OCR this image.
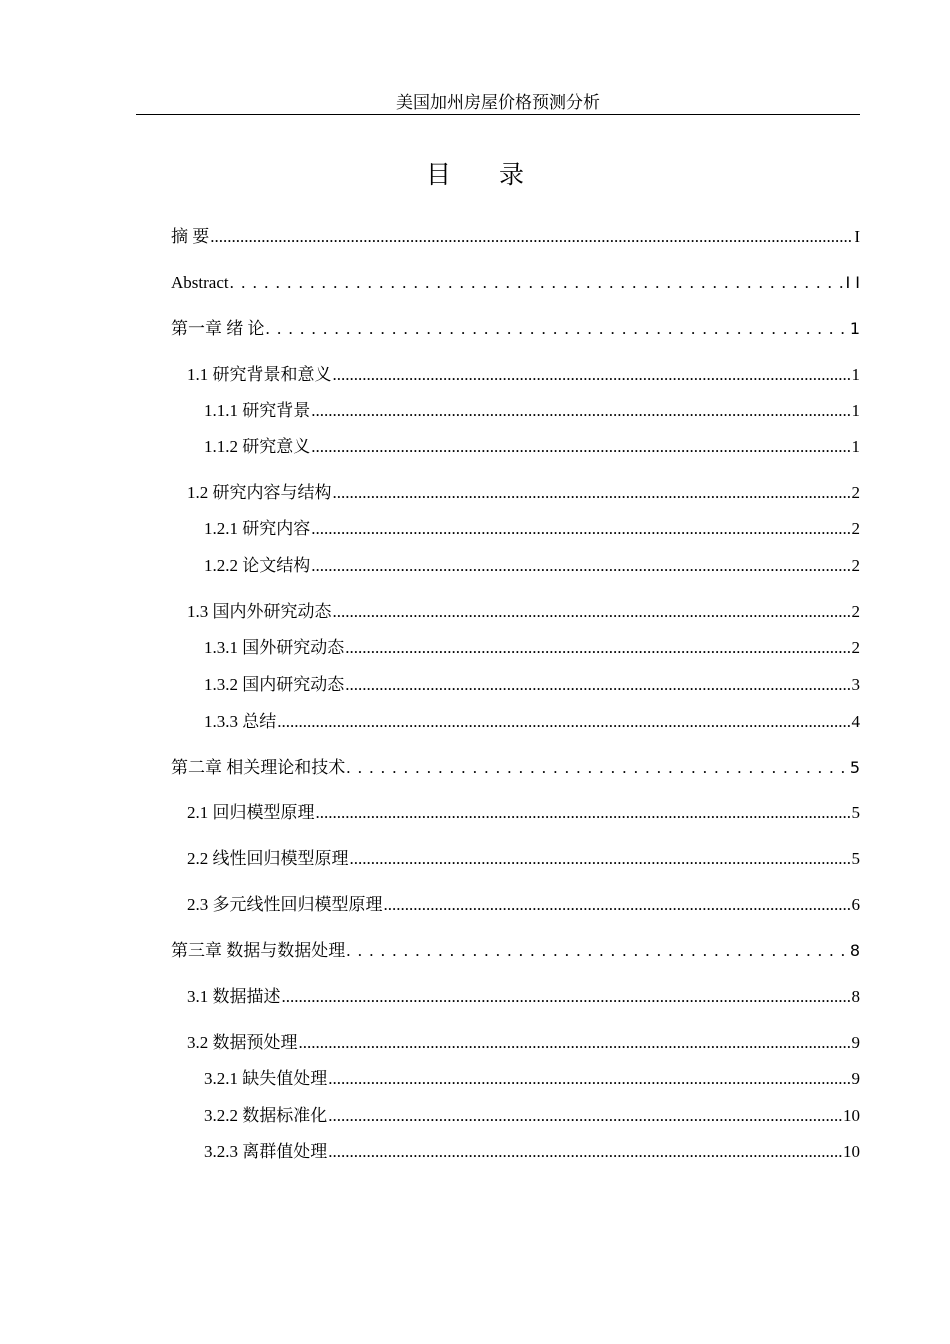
美国加州房屋价格预测分析
目录
摘 要 .....	I
Abstract . . .	I I
第一章 绪 论 . . .	1
1.1 研究背景和意义 .....	1
1.1.1 研究背景 .....	1
1.1.2 研究意义 .....	1
1.2 研究内容与结构 .....	2
1.2.1 研究内容 .....	2
1.2.2 论文结构 .....	2
1.3 国内外研究动态 .....	2
1.3.1 国外研究动态 .....	2
1.3.2 国内研究动态 .....	3
1.3.3 总结 .....	4
第二章 相关理论和技术 . . .	5
2.1 回归模型原理 .....	5
2.2 线性回归模型原理 .....	5
2.3 多元线性回归模型原理 .....	6
第三章 数据与数据处理 . . .	8
3.1 数据描述 .....	8
3.2 数据预处理 .....	9
3.2.1 缺失值处理 .....	9
3.2.2 数据标准化 .....	10
3.2.3 离群值处理 .....	10
